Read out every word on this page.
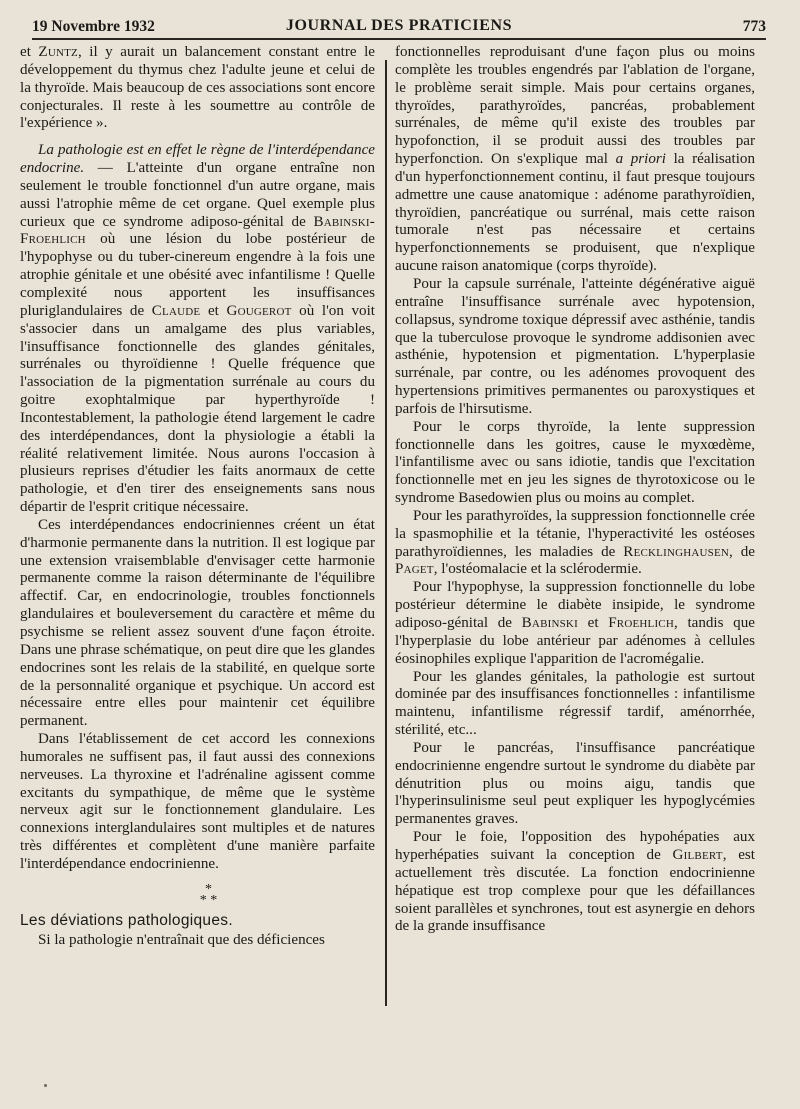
19 Novembre 1932	JOURNAL DES PRATICIENS	773

et Zuntz, il y aurait un balancement constant entre le développement du thymus chez l'adulte jeune et celui de la thyroïde. Mais beaucoup de ces associations sont encore conjecturales. Il reste à les soumettre au contrôle de l'expérience ».

La pathologie est en effet le règne de l'interdépendance endocrine. — L'atteinte d'un organe entraîne non seulement le trouble fonctionnel d'un autre organe, mais aussi l'atrophie même de cet organe. Quel exemple plus curieux que ce syndrome adiposo-génital de Babinski-Froehlich où une lésion du lobe postérieur de l'hypophyse ou du tuber-cinereum engendre à la fois une atrophie génitale et une obésité avec infantilisme ! Quelle complexité nous apportent les insuffisances pluriglandulaires de Claude et Gougerot où l'on voit s'associer dans un amalgame des plus variables, l'insuffisance fonctionnelle des glandes génitales, surrénales ou thyroïdienne ! Quelle fréquence que l'association de la pigmentation surrénale au cours du goitre exophtalmique par hyperthyroïde ! Incontestablement, la pathologie étend largement le cadre des interdépendances, dont la physiologie a établi la réalité relativement limitée. Nous aurons l'occasion à plusieurs reprises d'étudier les faits anormaux de cette pathologie, et d'en tirer des enseignements sans nous départir de l'esprit critique nécessaire.

Ces interdépendances endocriniennes créent un état d'harmonie permanente dans la nutrition. Il est logique par une extension vraisemblable d'envisager cette harmonie permanente comme la raison déterminante de l'équilibre affectif. Car, en endocrinologie, troubles fonctionnels glandulaires et bouleversement du caractère et même du psychisme se relient assez souvent d'une façon étroite. Dans une phrase schématique, on peut dire que les glandes endocrines sont les relais de la stabilité, en quelque sorte de la personnalité organique et psychique. Un accord est nécessaire entre elles pour maintenir cet équilibre permanent.

Dans l'établissement de cet accord les connexions humorales ne suffisent pas, il faut aussi des connexions nerveuses. La thyroxine et l'adrénaline agissent comme excitants du sympathique, de même que le système nerveux agit sur le fonctionnement glandulaire. Les connexions interglandulaires sont multiples et de natures très différentes et complètent d'une manière parfaite l'interdépendance endocrinienne.

*
* *
Les déviations pathologiques.

Si la pathologie n'entraînait que des déficiences

fonctionnelles reproduisant d'une façon plus ou moins complète les troubles engendrés par l'ablation de l'organe, le problème serait simple. Mais pour certains organes, thyroïdes, parathyroïdes, pancréas, probablement surrénales, de même qu'il existe des troubles par hypofonction, il se produit aussi des troubles par hyperfonction. On s'explique mal a priori la réalisation d'un hyperfonctionnement continu, il faut presque toujours admettre une cause anatomique : adénome parathyroïdien, thyroïdien, pancréatique ou surrénal, mais cette raison tumorale n'est pas nécessaire et certains hyperfonctionnements se produisent, que n'explique aucune raison anatomique (corps thyroïde).

Pour la capsule surrénale, l'atteinte dégénérative aiguë entraîne l'insuffisance surrénale avec hypotension, collapsus, syndrome toxique dépressif avec asthénie, tandis que la tuberculose provoque le syndrome addisonien avec asthénie, hypotension et pigmentation. L'hyperplasie surrénale, par contre, ou les adénomes provoquent des hypertensions primitives permanentes ou paroxystiques et parfois de l'hirsutisme.

Pour le corps thyroïde, la lente suppression fonctionnelle dans les goitres, cause le myxœdème, l'infantilisme avec ou sans idiotie, tandis que l'excitation fonctionnelle met en jeu les signes de thyrotoxicose ou le syndrome Basedowien plus ou moins au complet.

Pour les parathyroïdes, la suppression fonctionnelle crée la spasmophilie et la tétanie, l'hyperactivité les ostéoses parathyroïdiennes, les maladies de Recklinghausen, de Paget, l'ostéomalacie et la sclérodermie.

Pour l'hypophyse, la suppression fonctionnelle du lobe postérieur détermine le diabète insipide, le syndrome adiposo-génital de Babinski et Froehlich, tandis que l'hyperplasie du lobe antérieur par adénomes à cellules éosinophiles explique l'apparition de l'acromégalie.

Pour les glandes génitales, la pathologie est surtout dominée par des insuffisances fonctionnelles : infantilisme maintenu, infantilisme régressif tardif, aménorrhée, stérilité, etc...

Pour le pancréas, l'insuffisance pancréatique endocrinienne engendre surtout le syndrome du diabète par dénutrition plus ou moins aigu, tandis que l'hyperinsulinisme seul peut expliquer les hypoglycémies permanentes graves.

Pour le foie, l'opposition des hypohépaties aux hyperhépaties suivant la conception de Gilbert, est actuellement très discutée. La fonction endocrinienne hépatique est trop complexe pour que les défaillances soient parallèles et synchrones, tout est asynergie en dehors de la grande insuffisance
